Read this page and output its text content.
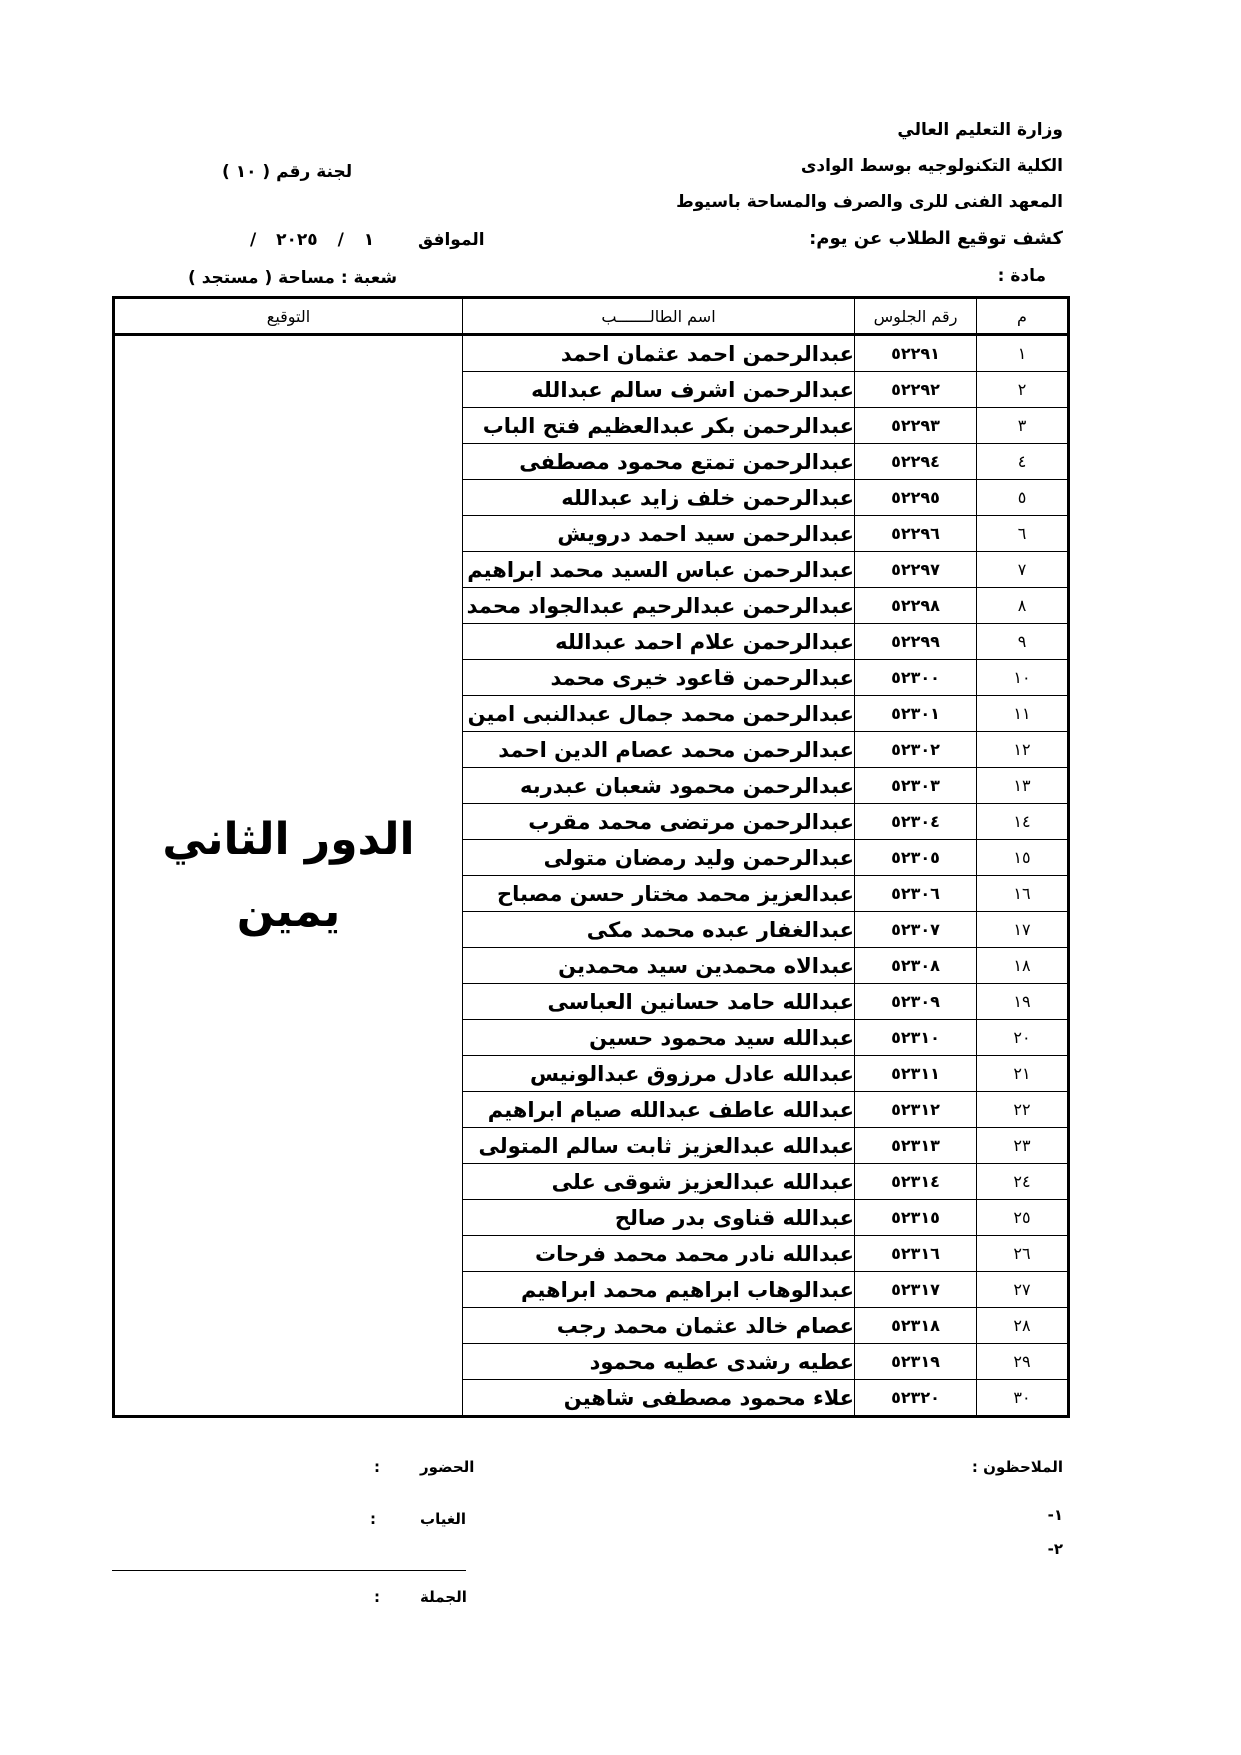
وزارة التعليم العالي
الكلية التكنولوجيه بوسط الوادى
المعهد الفنى للرى والصرف والمساحة باسيوط
كشف توقيع الطلاب عن يوم:
مادة :
لجنة رقم ( ١٠ )
الموافق
/ ١ / ٢٠٢٥
شعبة : مساحة ( مستجد )
م	رقم الجلوس	اسم الطالـــــــب	التوقيع
١	٥٢٢٩١	عبدالرحمن احمد عثمان احمد	الدور الثاني
يمين

٢	٥٢٢٩٢	عبدالرحمن اشرف سالم عبدالله	
٣	٥٢٢٩٣	عبدالرحمن بكر عبدالعظيم فتح الباب	
٤	٥٢٢٩٤	عبدالرحمن تمتع محمود مصطفى	
٥	٥٢٢٩٥	عبدالرحمن خلف زايد عبدالله	
٦	٥٢٢٩٦	عبدالرحمن سيد احمد درويش	
٧	٥٢٢٩٧	عبدالرحمن عباس السيد محمد ابراهيم	
٨	٥٢٢٩٨	عبدالرحمن عبدالرحيم عبدالجواد محمد	
٩	٥٢٢٩٩	عبدالرحمن علام احمد عبدالله	
١٠	٥٢٣٠٠	عبدالرحمن قاعود خيرى محمد	
١١	٥٢٣٠١	عبدالرحمن محمد جمال عبدالنبى امين	
١٢	٥٢٣٠٢	عبدالرحمن محمد عصام الدين احمد	
١٣	٥٢٣٠٣	عبدالرحمن محمود شعبان عبدربه	
١٤	٥٢٣٠٤	عبدالرحمن مرتضى محمد مقرب	
١٥	٥٢٣٠٥	عبدالرحمن وليد رمضان متولى	
١٦	٥٢٣٠٦	عبدالعزيز محمد مختار حسن مصباح	
١٧	٥٢٣٠٧	عبدالغفار عبده محمد مكى	
١٨	٥٢٣٠٨	عبدالاه محمدين سيد محمدين	
١٩	٥٢٣٠٩	عبدالله حامد حسانين العباسى	
٢٠	٥٢٣١٠	عبدالله سيد محمود حسين	
٢١	٥٢٣١١	عبدالله عادل مرزوق عبدالونيس	
٢٢	٥٢٣١٢	عبدالله عاطف عبدالله صيام ابراهيم	
٢٣	٥٢٣١٣	عبدالله عبدالعزيز ثابت سالم المتولى	
٢٤	٥٢٣١٤	عبدالله عبدالعزيز شوقى على	
٢٥	٥٢٣١٥	عبدالله قناوى بدر صالح	
٢٦	٥٢٣١٦	عبدالله نادر محمد محمد فرحات	
٢٧	٥٢٣١٧	عبدالوهاب ابراهيم محمد ابراهيم	
٢٨	٥٢٣١٨	عصام خالد عثمان محمد رجب	
٢٩	٥٢٣١٩	عطيه رشدى عطيه محمود	
٣٠	٥٢٣٢٠	علاء محمود مصطفى شاهين	
الملاحظون :
-١
-٢
الحضور
:
الغياب
:
الجملة
:
